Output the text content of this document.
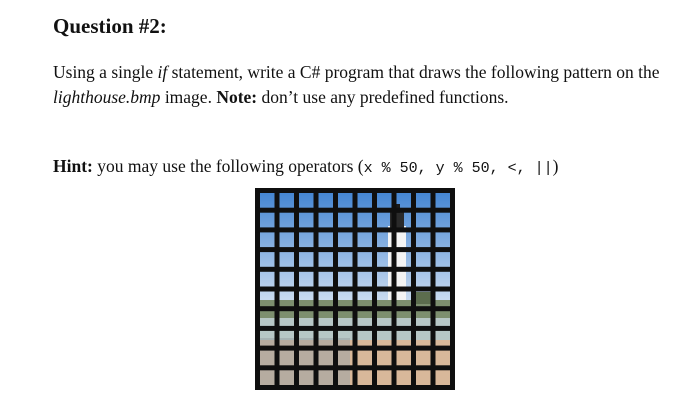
Question #2:
Using a single if statement, write a C# program that draws the following pattern on the lighthouse.bmp image. Note: don’t use any predefined functions.
Hint: you may use the following operators (x % 50, y % 50, <, ||)
